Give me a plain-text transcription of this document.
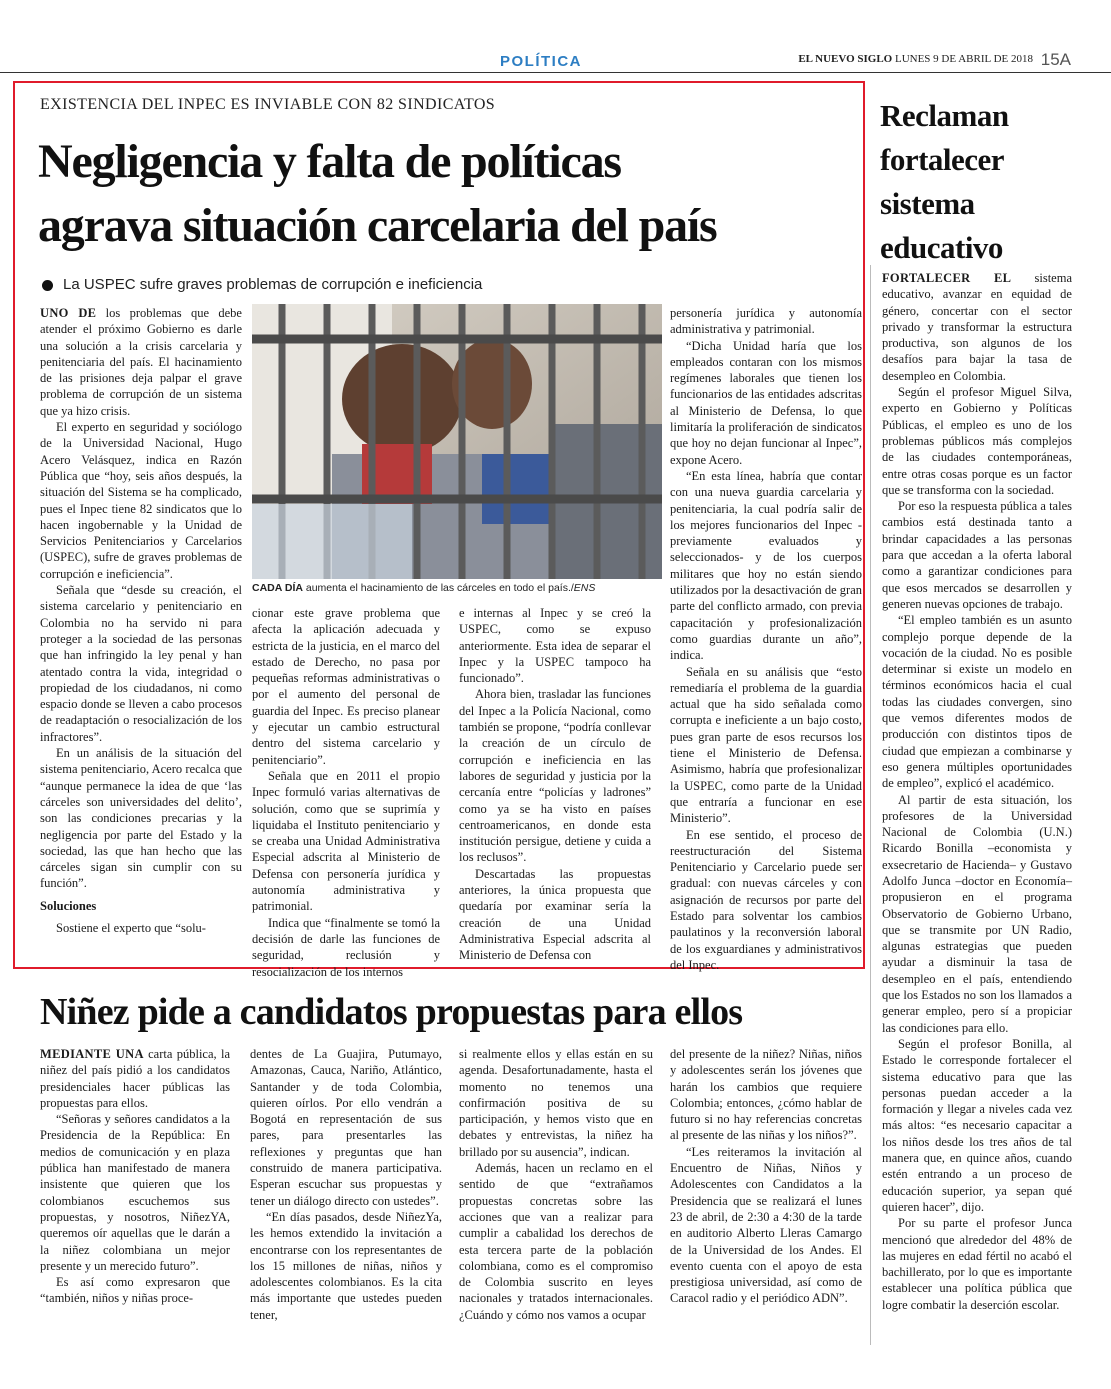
POLÍTICA	EL NUEVO SIGLO LUNES 9 DE ABRIL DE 2018 15A
EXISTENCIA DEL INPEC ES INVIABLE CON 82 SINDICATOS
Negligencia y falta de políticas
agrava situación carcelaria del país
La USPEC sufre graves problemas de corrupción e ineficiencia

UNO DE los problemas que debe atender el próximo Gobierno es darle una solución a la crisis carcelaria y penitenciaria del país. El hacinamiento de las prisiones deja palpar el grave problema de corrupción de un sistema que ya hizo crisis.

El experto en seguridad y sociólogo de la Universidad Nacional, Hugo Acero Velásquez, indica en Razón Pública que “hoy, seis años después, la situación del Sistema se ha complicado, pues el Inpec tiene 82 sindicatos que lo hacen ingobernable y la Unidad de Servicios Penitenciarios y Carcelarios (USPEC), sufre de graves problemas de corrupción e ineficiencia”.

Señala que “desde su creación, el sistema carcelario y penitenciario en Colombia no ha servido ni para proteger a la sociedad de las personas que han infringido la ley penal y han atentado contra la vida, integridad o propiedad de los ciudadanos, ni como espacio donde se lleven a cabo procesos de readaptación o resocialización de los infractores”.

En un análisis de la situación del sistema penitenciario, Acero recalca que “aunque permanece la idea de que ‘las cárceles son universidades del delito’, son las condiciones precarias y la negligencia por parte del Estado y la sociedad, las que han hecho que las cárceles sigan sin cumplir con su función”.

Soluciones

Sostiene el experto que “solu-

CADA DÍA aumenta el hacinamiento de las cárceles en todo el país./ENS

cionar este grave problema que afecta la aplicación adecuada y estricta de la justicia, en el marco del estado de Derecho, no pasa por pequeñas reformas administrativas o por el aumento del personal de guardia del Inpec. Es preciso planear y ejecutar un cambio estructural dentro del sistema carcelario y penitenciario”.

Señala que en 2011 el propio Inpec formuló varias alternativas de solución, como que se suprimía y liquidaba el Instituto penitenciario y se creaba una Unidad Administrativa Especial adscrita al Ministerio de Defensa con personería jurídica y autonomía administrativa y patrimonial.

Indica que “finalmente se tomó la decisión de darle las funciones de seguridad, reclusión y resocialización de los internos

e internas al Inpec y se creó la USPEC, como se expuso anteriormente. Esta idea de separar el Inpec y la USPEC tampoco ha funcionado”.

Ahora bien, trasladar las funciones del Inpec a la Policía Nacional, como también se propone, “podría conllevar la creación de un círculo de corrupción e ineficiencia en las labores de seguridad y justicia por la cercanía entre “policías y ladrones” como ya se ha visto en países centroamericanos, en donde esta institución persigue, detiene y cuida a los reclusos”.

Descartadas las propuestas anteriores, la única propuesta que quedaría por examinar sería la creación de una Unidad Administrativa Especial adscrita al Ministerio de Defensa con

personería jurídica y autonomía administrativa y patrimonial.

“Dicha Unidad haría que los empleados contaran con los mismos regímenes laborales que tienen los funcionarios de las entidades adscritas al Ministerio de Defensa, lo que limitaría la proliferación de sindicatos que hoy no dejan funcionar al Inpec”, expone Acero.

“En esta línea, habría que contar con una nueva guardia carcelaria y penitenciaria, la cual podría salir de los mejores funcionarios del Inpec -previamente evaluados y seleccionados- y de los cuerpos militares que hoy no están siendo utilizados por la desactivación de gran parte del conflicto armado, con previa capacitación y profesionalización como guardias durante un año”, indica.

Señala en su análisis que “esto remediaría el problema de la guardia actual que ha sido señalada como corrupta e ineficiente a un bajo costo, pues gran parte de esos recursos los tiene el Ministerio de Defensa. Asimismo, habría que profesionalizar la USPEC, como parte de la Unidad que entraría a funcionar en ese Ministerio”.

En ese sentido, el proceso de reestructuración del Sistema Penitenciario y Carcelario puede ser gradual: con nuevas cárceles y con asignación de recursos por parte del Estado para solventar los cambios paulatinos y la reconversión laboral de los exguardianes y administrativos del Inpec.

Reclaman
fortalecer
sistema
educativo

FORTALECER EL sistema educativo, avanzar en equidad de género, concertar con el sector privado y transformar la estructura productiva, son algunos de los desafíos para bajar la tasa de desempleo en Colombia.

Según el profesor Miguel Silva, experto en Gobierno y Políticas Públicas, el empleo es uno de los problemas públicos más complejos de las ciudades contemporáneas, entre otras cosas porque es un factor que se transforma con la sociedad.

Por eso la respuesta pública a tales cambios está destinada tanto a brindar capacidades a las personas para que accedan a la oferta laboral como a garantizar condiciones para que esos mercados se desarrollen y generen nuevas opciones de trabajo.

“El empleo también es un asunto complejo porque depende de la vocación de la ciudad. No es posible determinar si existe un modelo en términos económicos hacia el cual todas las ciudades convergen, sino que vemos diferentes modos de producción con distintos tipos de ciudad que empiezan a combinarse y eso genera múltiples oportunidades de empleo”, explicó el académico.

Al partir de esta situación, los profesores de la Universidad Nacional de Colombia (U.N.) Ricardo Bonilla –economista y exsecretario de Hacienda– y Gustavo Adolfo Junca –doctor en Economía– propusieron en el programa Observatorio de Gobierno Urbano, que se transmite por UN Radio, algunas estrategias que pueden ayudar a disminuir la tasa de desempleo en el país, entendiendo que los Estados no son los llamados a generar empleo, pero sí a propiciar las condiciones para ello.

Según el profesor Bonilla, al Estado le corresponde fortalecer el sistema educativo para que las personas puedan acceder a la formación y llegar a niveles cada vez más altos: “es necesario capacitar a los niños desde los tres años de tal manera que, en quince años, cuando estén entrando a un proceso de educación superior, ya sepan qué quieren hacer”, dijo.

Por su parte el profesor Junca mencionó que alrededor del 48% de las mujeres en edad fértil no acabó el bachillerato, por lo que es importante establecer una política pública que logre combatir la deserción escolar.

Niñez pide a candidatos propuestas para ellos

MEDIANTE UNA carta pública, la niñez del país pidió a los candidatos presidenciales hacer públicas las propuestas para ellos.

“Señoras y señores candidatos a la Presidencia de la República: En medios de comunicación y en plaza pública han manifestado de manera insistente que quieren que los colombianos escuchemos sus propuestas, y nosotros, NiñezYA, queremos oír aquellas que le darán a la niñez colombiana un mejor presente y un merecido futuro”.

Es así como expresaron que “también, niños y niñas proce-

dentes de La Guajira, Putumayo, Amazonas, Cauca, Nariño, Atlántico, Santander y de toda Colombia, quieren oírlos. Por ello vendrán a Bogotá en representación de sus pares, para presentarles las reflexiones y preguntas que han construido de manera participativa. Esperan escuchar sus propuestas y tener un diálogo directo con ustedes”.

“En días pasados, desde NiñezYa, les hemos extendido la invitación a encontrarse con los representantes de los 15 millones de niñas, niños y adolescentes colombianos. Es la cita más importante que ustedes pueden tener,

si realmente ellos y ellas están en su agenda. Desafortunadamente, hasta el momento no tenemos una confirmación positiva de su participación, y hemos visto que en debates y entrevistas, la niñez ha brillado por su ausencia”, indican.

Además, hacen un reclamo en el sentido de que “extrañamos propuestas concretas sobre las acciones que van a realizar para cumplir a cabalidad los derechos de esta tercera parte de la población colombiana, como es el compromiso de Colombia suscrito en leyes nacionales y tratados internacionales. ¿Cuándo y cómo nos vamos a ocupar

del presente de la niñez? Niñas, niños y adolescentes serán los jóvenes que harán los cambios que requiere Colombia; entonces, ¿cómo hablar de futuro si no hay referencias concretas al presente de las niñas y los niños?”.

“Les reiteramos la invitación al Encuentro de Niñas, Niños y Adolescentes con Candidatos a la Presidencia que se realizará el lunes 23 de abril, de 2:30 a 4:30 de la tarde en auditorio Alberto Lleras Camargo de la Universidad de los Andes. El evento cuenta con el apoyo de esta prestigiosa universidad, así como de Caracol radio y el periódico ADN”.
